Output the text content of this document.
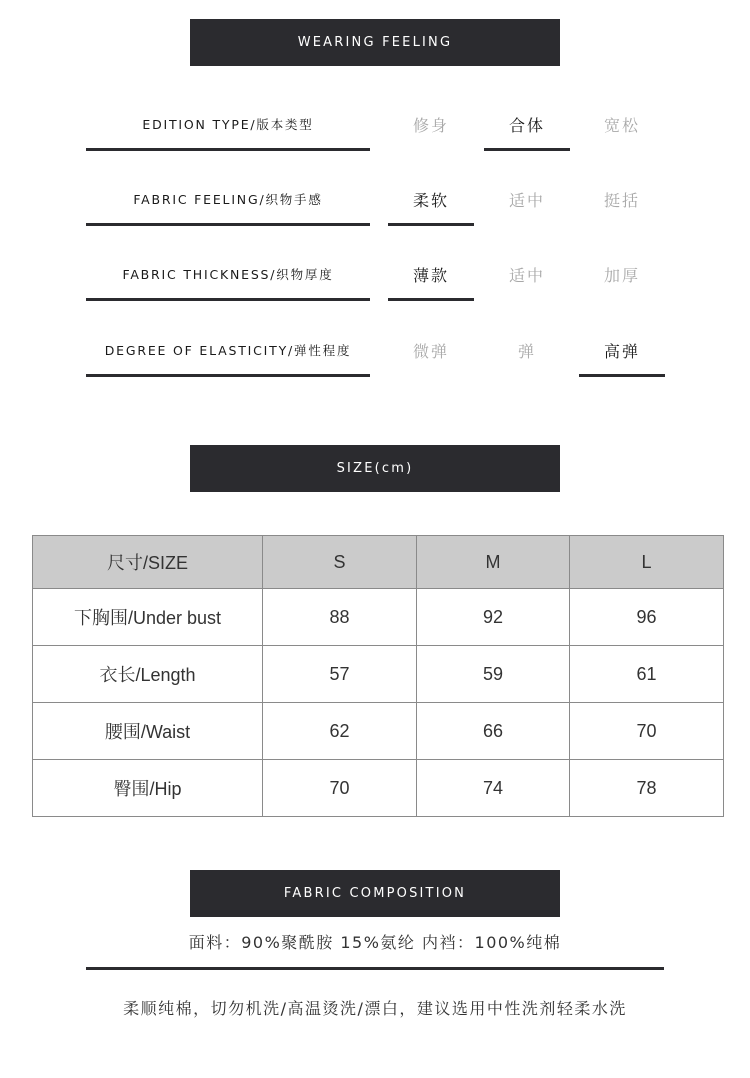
WEARING FEELING
EDITION TYPE/版本类型	修身	合体	宽松
FABRIC FEELING/织物手感	柔软	适中	挺括
FABRIC THICKNESS/织物厚度	薄款	适中	加厚
DEGREE OF ELASTICITY/弹性程度	微弹	弹	高弹
SIZE(cm)
尺寸/SIZE	S	M	L
下胸围/Under bust	88	92	96
衣长/Length	57	59	61
腰围/Waist	62	66	70
臀围/Hip	70	74	78
FABRIC COMPOSITION
面料：90%聚酰胺 15%氨纶 内裆：100%纯棉
柔顺纯棉，切勿机洗/高温烫洗/漂白，建议选用中性洗剂轻柔水洗
